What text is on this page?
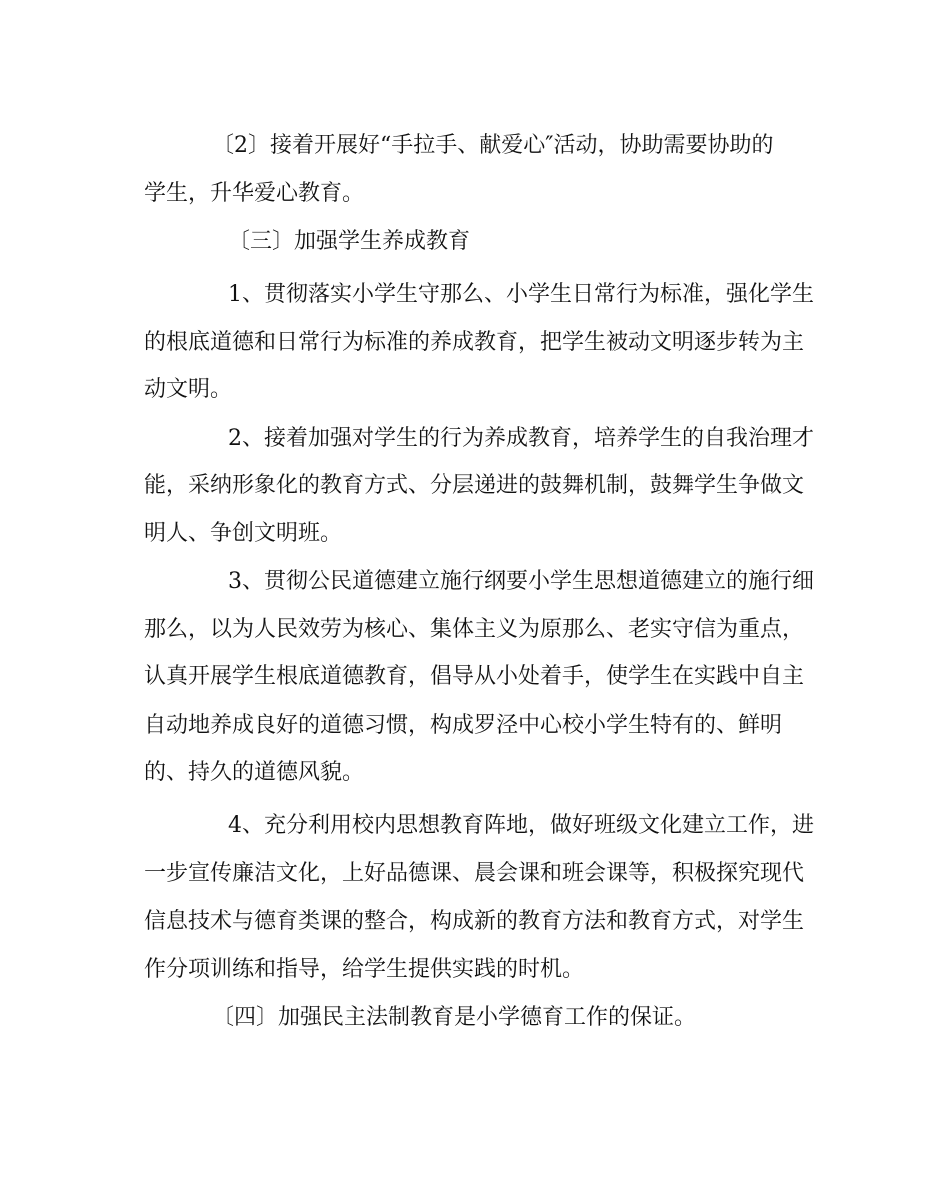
〔2〕接着开展好“手拉手、献爱心″活动，协助需要协助的
学生，升华爱心教育。
〔三〕加强学生养成教育
1、贯彻落实小学生守那么、小学生日常行为标准，强化学生
的根底道德和日常行为标准的养成教育，把学生被动文明逐步转为主
动文明。
2、接着加强对学生的行为养成教育，培养学生的自我治理才
能，采纳形象化的教育方式、分层递进的鼓舞机制，鼓舞学生争做文
明人、争创文明班。
3、贯彻公民道德建立施行纲要小学生思想道德建立的施行细
那么，以为人民效劳为核心、集体主义为原那么、老实守信为重点，
认真开展学生根底道德教育，倡导从小处着手，使学生在实践中自主
自动地养成良好的道德习惯，构成罗泾中心校小学生特有的、鲜明
的、持久的道德风貌。
4、充分利用校内思想教育阵地，做好班级文化建立工作，进
一步宣传廉洁文化，上好品德课、晨会课和班会课等，积极探究现代
信息技术与德育类课的整合，构成新的教育方法和教育方式，对学生
作分项训练和指导，给学生提供实践的时机。
〔四〕加强民主法制教育是小学德育工作的保证。
